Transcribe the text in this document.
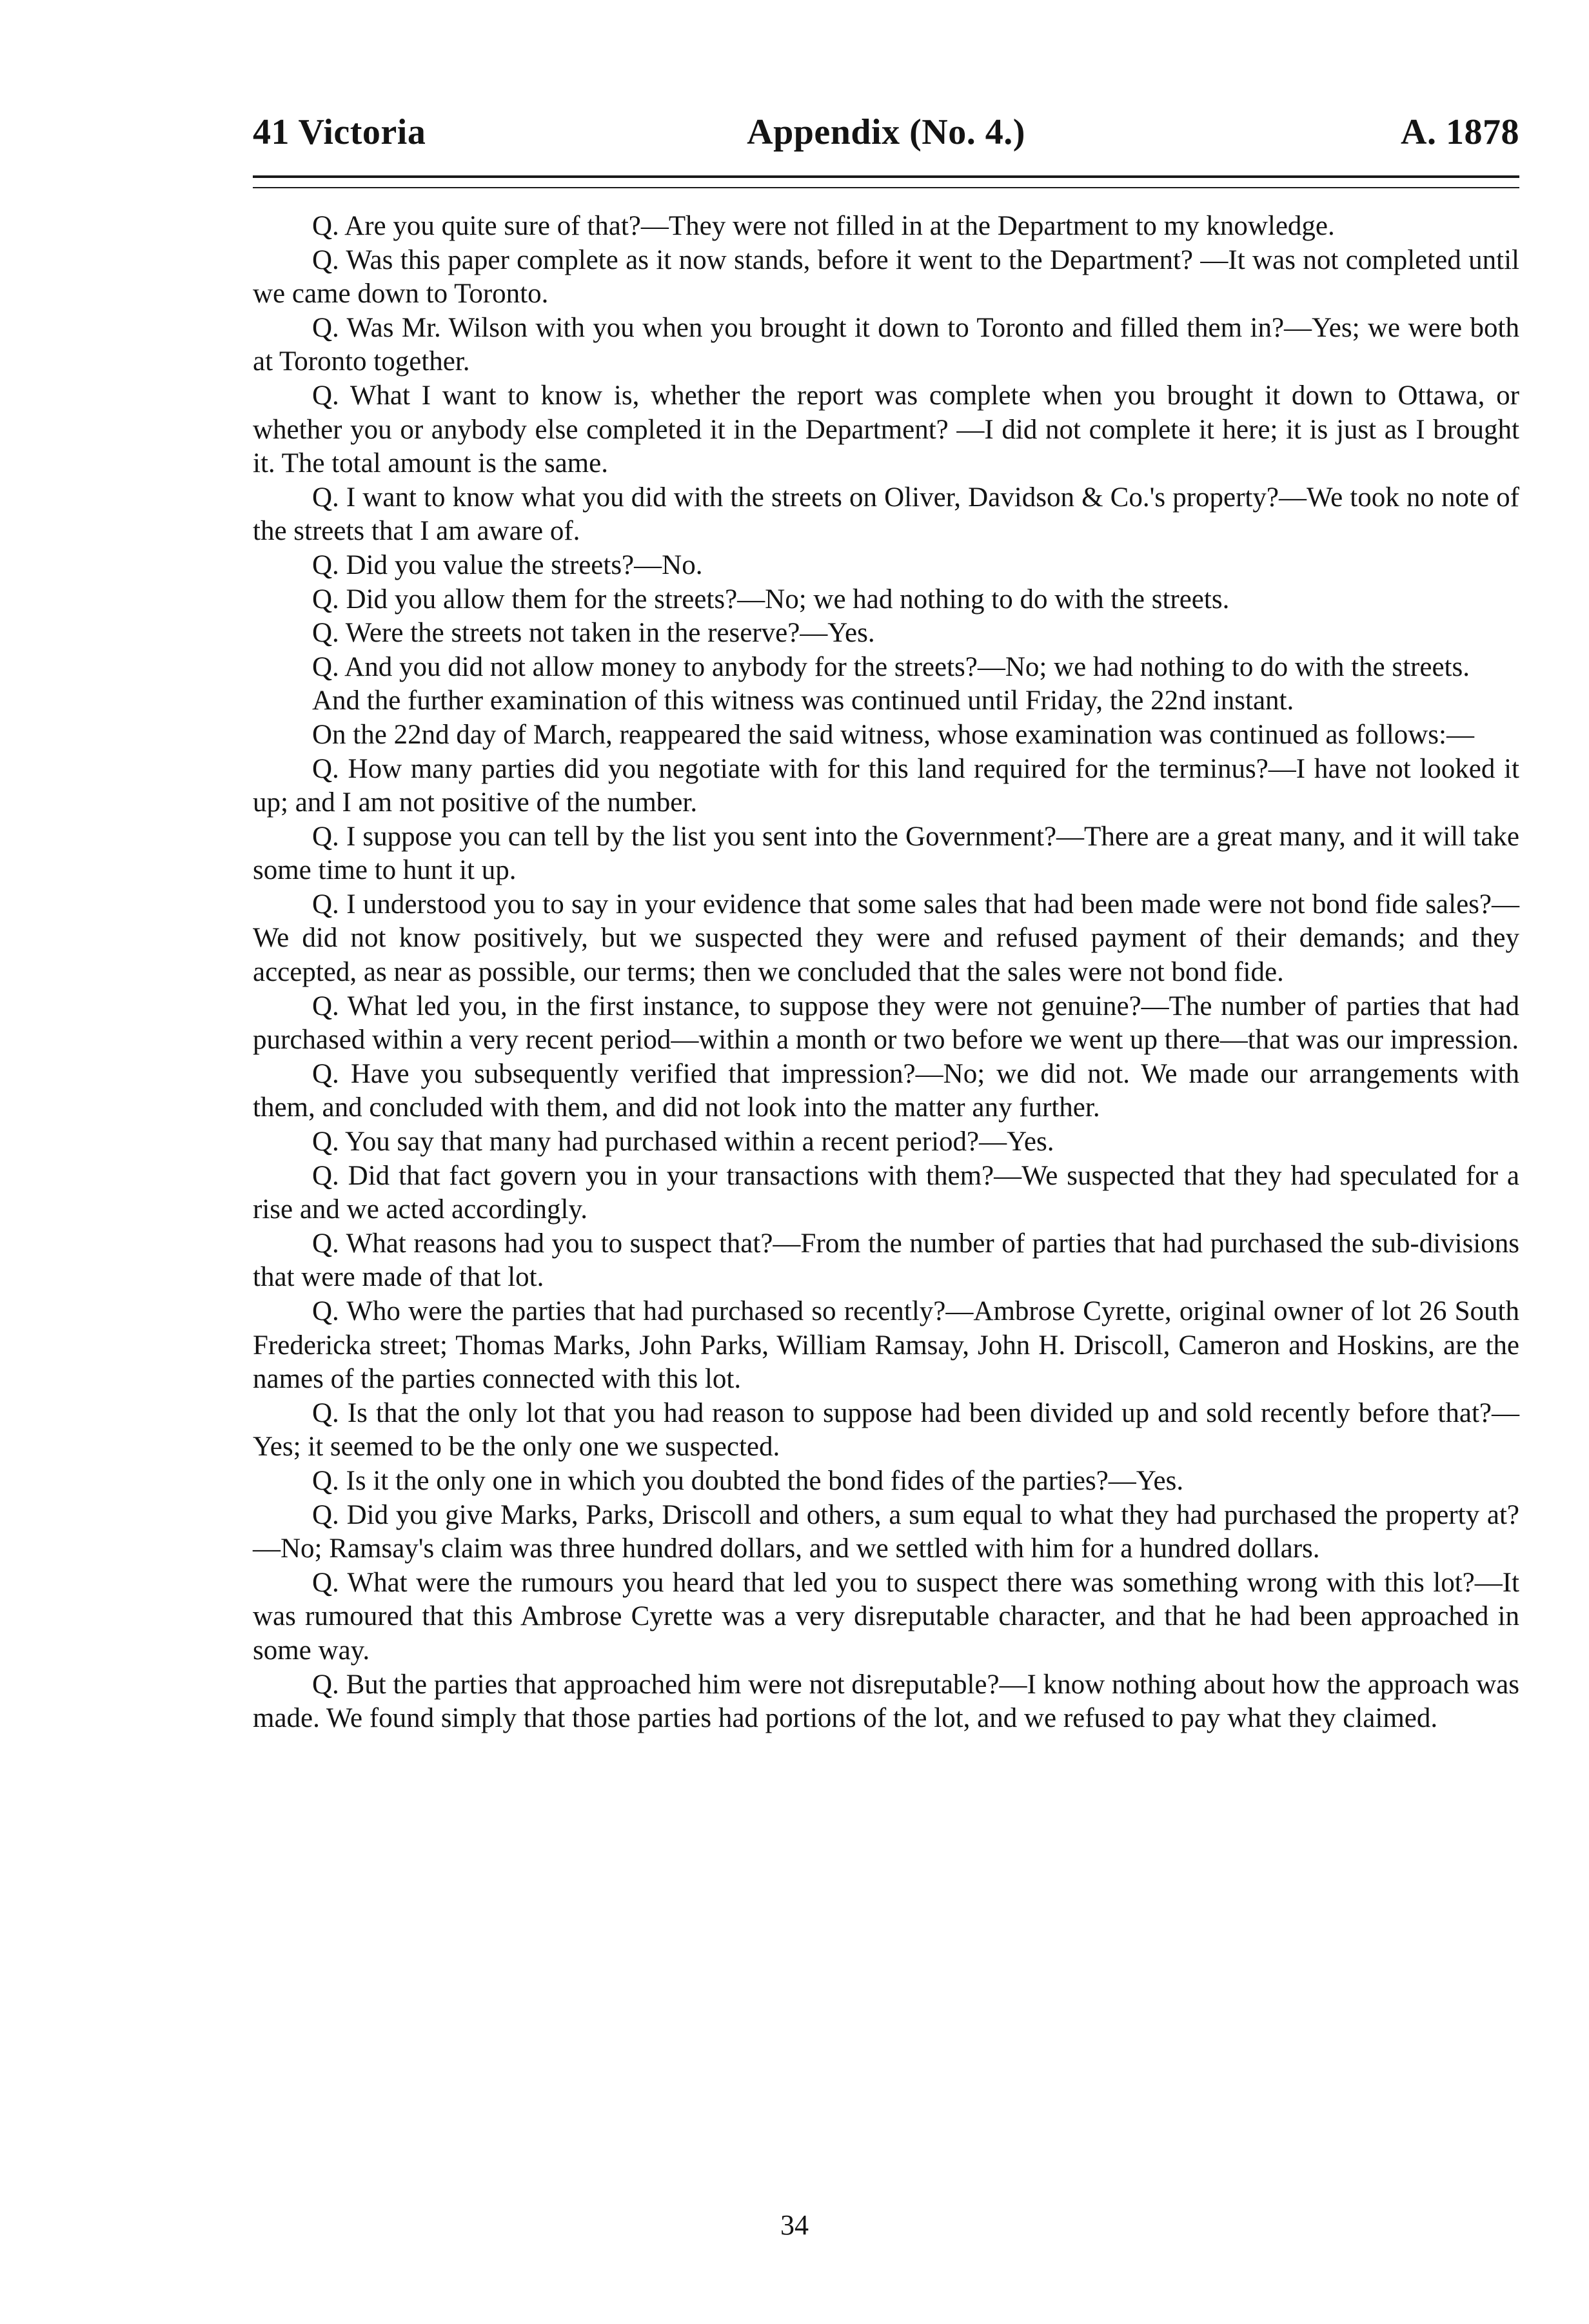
41 Victoria	Appendix (No. 4.)	A. 1878

Q. Are you quite sure of that?—They were not filled in at the Department to my knowledge.

Q. Was this paper complete as it now stands, before it went to the Department? —It was not completed until we came down to Toronto.

Q. Was Mr. Wilson with you when you brought it down to Toronto and filled them in?—Yes; we were both at Toronto together.

Q. What I want to know is, whether the report was complete when you brought it down to Ottawa, or whether you or anybody else completed it in the Department? —I did not complete it here; it is just as I brought it. The total amount is the same.

Q. I want to know what you did with the streets on Oliver, Davidson & Co.'s property?—We took no note of the streets that I am aware of.

Q. Did you value the streets?—No.

Q. Did you allow them for the streets?—No; we had nothing to do with the streets.

Q. Were the streets not taken in the reserve?—Yes.

Q. And you did not allow money to anybody for the streets?—No; we had nothing to do with the streets.

And the further examination of this witness was continued until Friday, the 22nd instant.

On the 22nd day of March, reappeared the said witness, whose examination was continued as follows:—

Q. How many parties did you negotiate with for this land required for the terminus?—I have not looked it up; and I am not positive of the number.

Q. I suppose you can tell by the list you sent into the Government?—There are a great many, and it will take some time to hunt it up.

Q. I understood you to say in your evidence that some sales that had been made were not bond fide sales?—We did not know positively, but we suspected they were and refused payment of their demands; and they accepted, as near as possible, our terms; then we concluded that the sales were not bond fide.

Q. What led you, in the first instance, to suppose they were not genuine?—The number of parties that had purchased within a very recent period—within a month or two before we went up there—that was our impression.

Q. Have you subsequently verified that impression?—No; we did not. We made our arrangements with them, and concluded with them, and did not look into the matter any further.

Q. You say that many had purchased within a recent period?—Yes.

Q. Did that fact govern you in your transactions with them?—We suspected that they had speculated for a rise and we acted accordingly.

Q. What reasons had you to suspect that?—From the number of parties that had purchased the sub-divisions that were made of that lot.

Q. Who were the parties that had purchased so recently?—Ambrose Cyrette, original owner of lot 26 South Fredericka street; Thomas Marks, John Parks, William Ramsay, John H. Driscoll, Cameron and Hoskins, are the names of the parties connected with this lot.

Q. Is that the only lot that you had reason to suppose had been divided up and sold recently before that?—Yes; it seemed to be the only one we suspected.

Q. Is it the only one in which you doubted the bond fides of the parties?—Yes.

Q. Did you give Marks, Parks, Driscoll and others, a sum equal to what they had purchased the property at?—No; Ramsay's claim was three hundred dollars, and we settled with him for a hundred dollars.

Q. What were the rumours you heard that led you to suspect there was something wrong with this lot?—It was rumoured that this Ambrose Cyrette was a very disreputable character, and that he had been approached in some way.

Q. But the parties that approached him were not disreputable?—I know nothing about how the approach was made. We found simply that those parties had portions of the lot, and we refused to pay what they claimed.

34
